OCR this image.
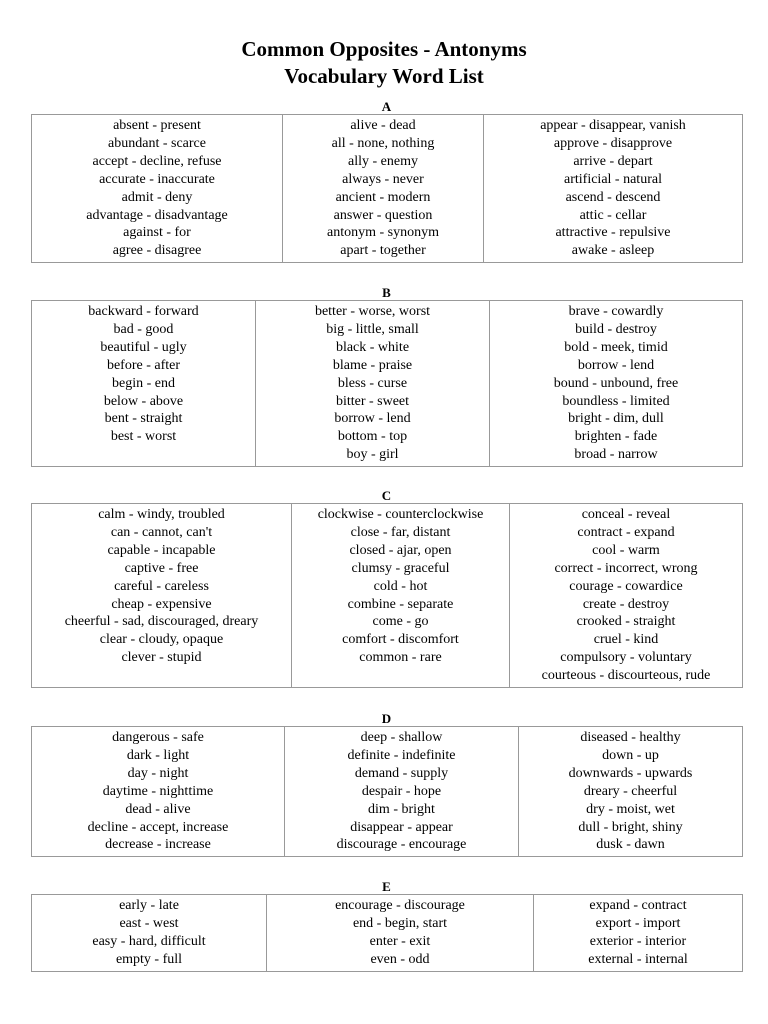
Common Opposites - Antonyms

Vocabulary Word List

A

absent - present
abundant - scarce
accept - decline, refuse
accurate - inaccurate
admit - deny
advantage - disadvantage
against - for
agree - disagree

alive - dead
all - none, nothing
ally - enemy
always - never
ancient - modern
answer - question
antonym - synonym
apart - together

appear - disappear, vanish
approve - disapprove
arrive - depart
artificial - natural
ascend - descend
attic - cellar
attractive - repulsive
awake - asleep

B

backward - forward
bad - good
beautiful - ugly
before - after
begin - end
below - above
bent - straight
best - worst

better - worse, worst
big - little, small
black - white
blame - praise
bless - curse
bitter - sweet
borrow - lend
bottom - top
boy - girl

brave - cowardly
build - destroy
bold - meek, timid
borrow - lend
bound - unbound, free
boundless - limited
bright - dim, dull
brighten - fade
broad - narrow

C

calm - windy, troubled
can - cannot, can't
capable - incapable
captive - free
careful - careless
cheap - expensive
cheerful - sad, discouraged, dreary
clear - cloudy, opaque
clever - stupid

clockwise - counterclockwise
close - far, distant
closed - ajar, open
clumsy - graceful
cold - hot
combine - separate
come - go
comfort - discomfort
common - rare

conceal - reveal
contract - expand
cool - warm
correct - incorrect, wrong
courage - cowardice
create - destroy
crooked - straight
cruel - kind
compulsory - voluntary
courteous - discourteous, rude

D

dangerous - safe
dark - light
day - night
daytime - nighttime
dead - alive
decline - accept, increase
decrease - increase

deep - shallow
definite - indefinite
demand - supply
despair - hope
dim - bright
disappear - appear
discourage - encourage

diseased - healthy
down - up
downwards - upwards
dreary - cheerful
dry - moist, wet
dull - bright, shiny
dusk - dawn

E

early - late
east - west
easy - hard, difficult
empty - full

encourage - discourage
end - begin, start
enter - exit
even - odd

expand - contract
export - import
exterior - interior
external - internal
